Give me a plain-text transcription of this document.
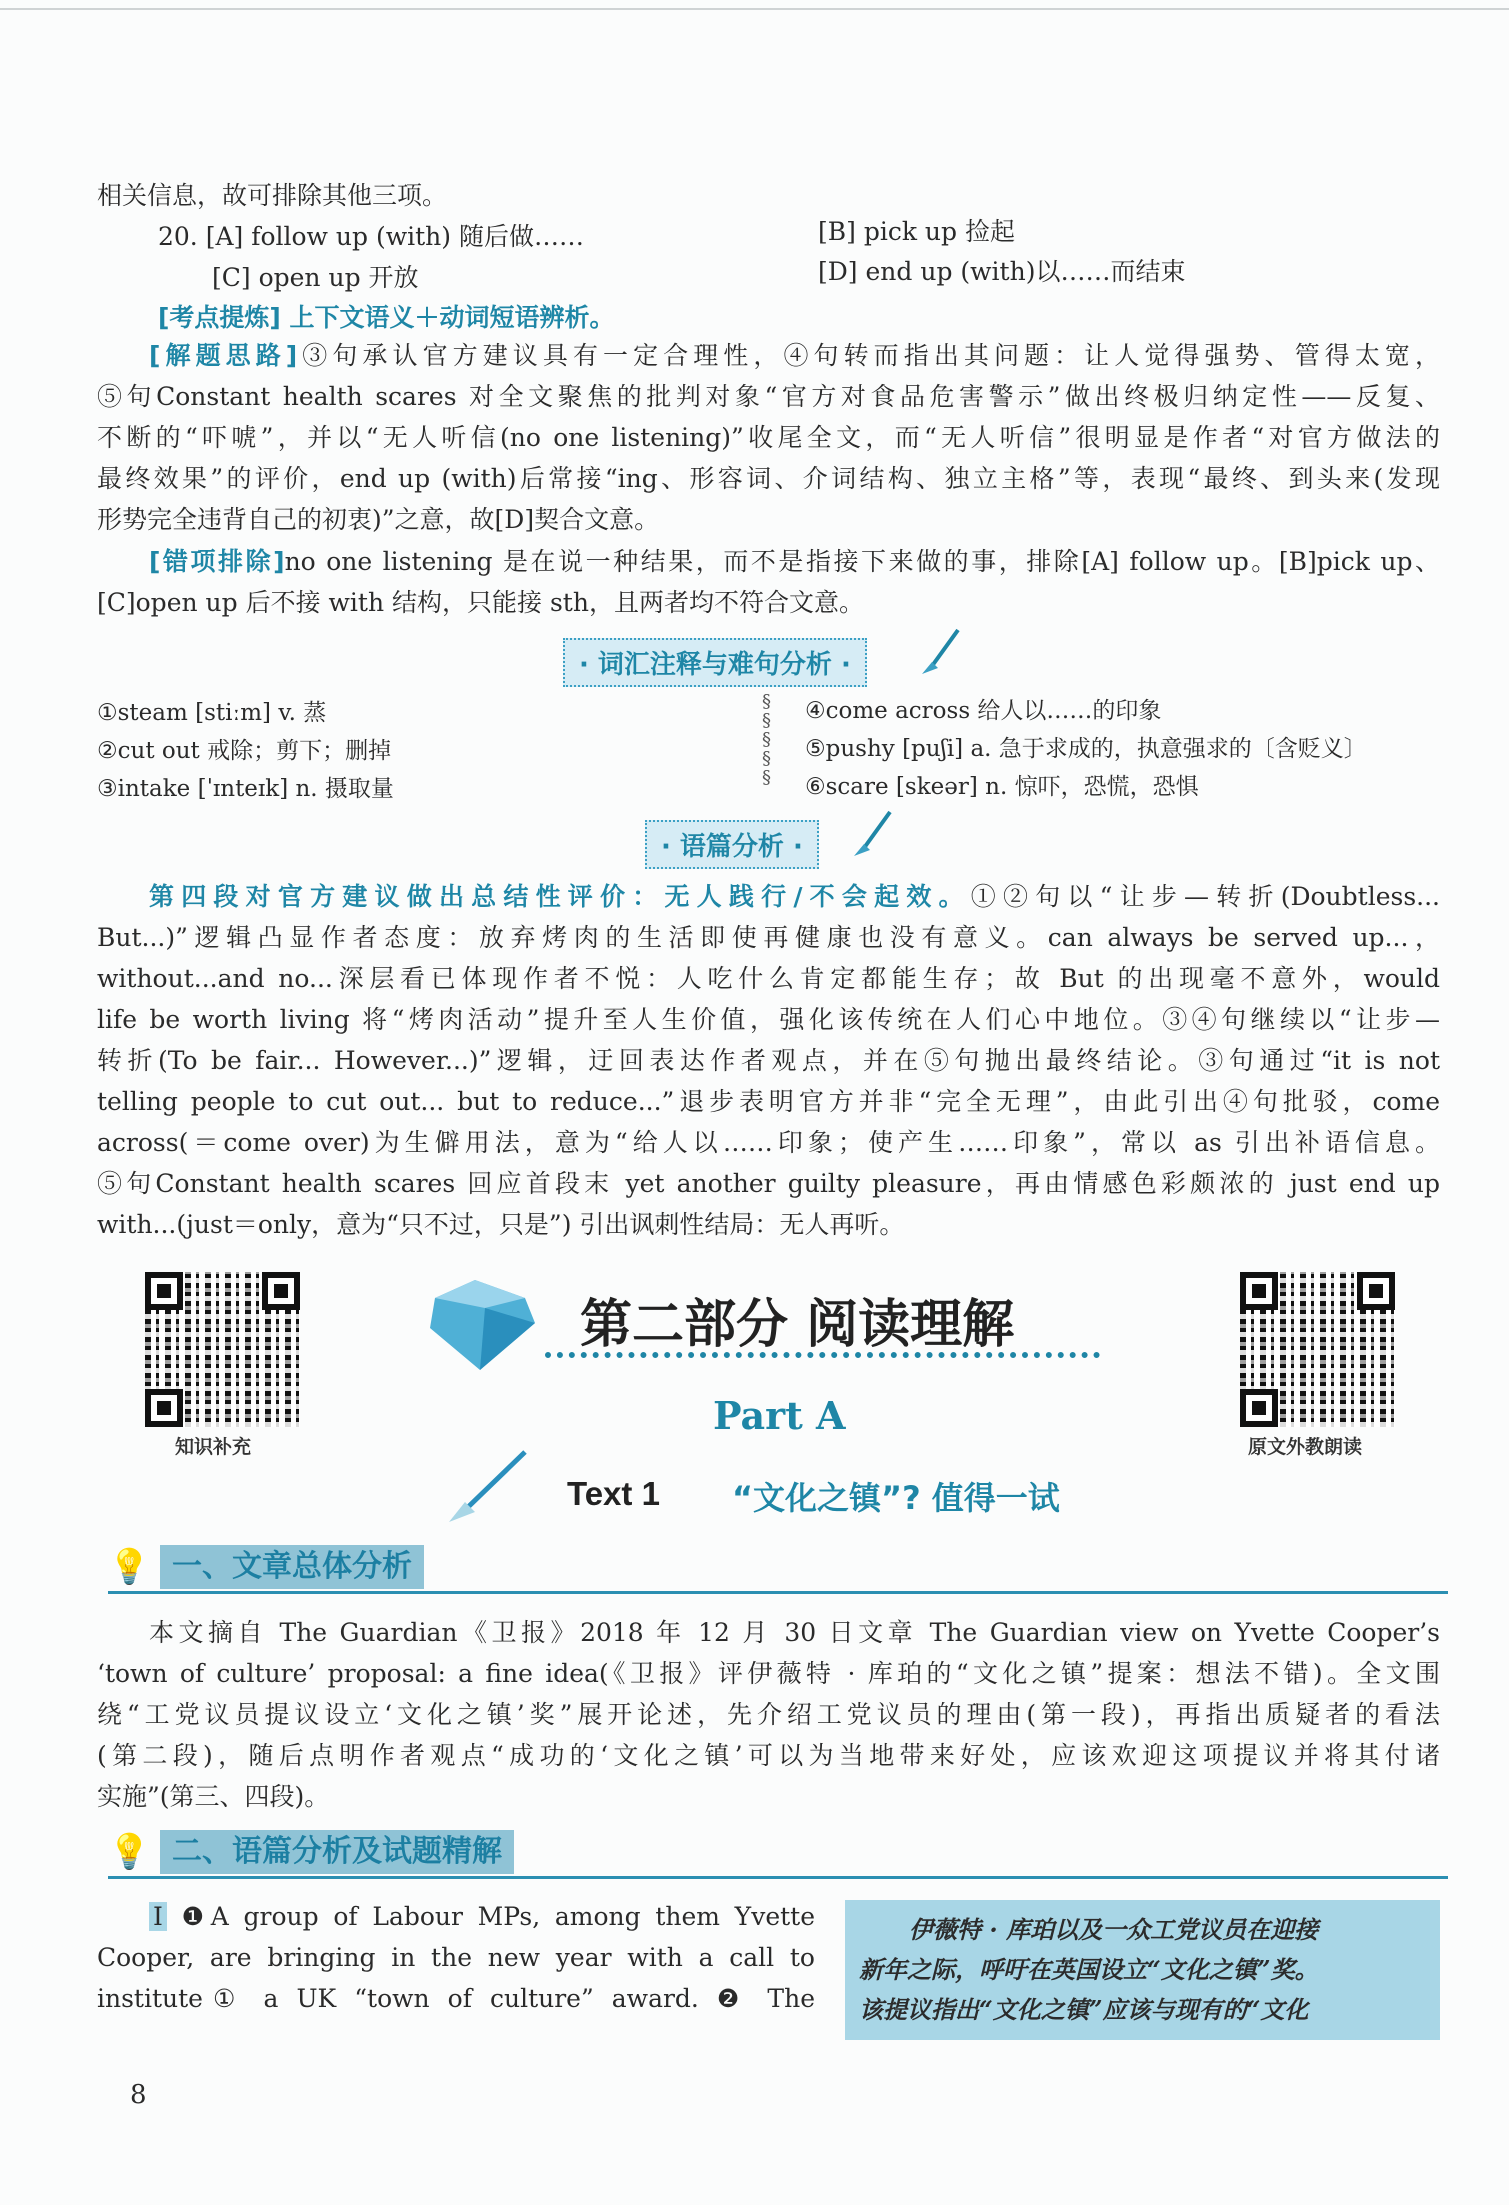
相关信息，故可排除其他三项。
20. [A] follow up (with) 随后做……	[B] pick up 捡起
[C] open up 开放	[D] end up (with)以……而结束
[考点提炼] 上下文语义＋动词短语辨析。
[解题思路]③句承认官方建议具有一定合理性，④句转而指出其问题：让人觉得强势、管得太宽，
⑤句Constant health scares 对全文聚焦的批判对象“官方对食品危害警示”做出终极归纳定性——反复、
不断的“吓唬”，并以“无人听信(no one listening)”收尾全文，而“无人听信”很明显是作者“对官方做法的
最终效果”的评价，end up (with)后常接“ing、形容词、介词结构、独立主格”等，表现“最终、到头来(发现
形势完全违背自己的初衷)”之意，故[D]契合文意。
[错项排除]no one listening 是在说一种结果，而不是指接下来做的事，排除[A] follow up。[B]pick up、
[C]open up 后不接 with 结构，只能接 sth，且两者均不符合文意。
· 词汇注释与难句分析 ·
①steam [stiːm] v. 蒸
②cut out 戒除；剪下；删掉
③intake [ˈɪnteɪk] n. 摄取量
§
§
§
§
§
④come across 给人以……的印象
⑤pushy [puʃi] a. 急于求成的，执意强求的〔含贬义〕
⑥scare [skeər] n. 惊吓，恐慌，恐惧
· 语篇分析 ·
第四段对官方建议做出总结性评价：无人践行/不会起效。①②句以“让步—转折(Doubtless...
But...)”逻辑凸显作者态度：放弃烤肉的生活即使再健康也没有意义。can always be served up...，
without...and no...深层看已体现作者不悦：人吃什么肯定都能生存；故 But 的出现毫不意外，would
life be worth living 将“烤肉活动”提升至人生价值，强化该传统在人们心中地位。③④句继续以“让步—
转折(To be fair... However...)”逻辑，迂回表达作者观点，并在⑤句抛出最终结论。③句通过“it is not
telling people to cut out... but to reduce...”退步表明官方并非“完全无理”，由此引出④句批驳，come
across(＝come over)为生僻用法，意为“给人以……印象；使产生……印象”，常以 as 引出补语信息。
⑤句Constant health scares 回应首段末 yet another guilty pleasure，再由情感色彩颇浓的 just end up
with...(just＝only，意为“只不过，只是”) 引出讽刺性结局：无人再听。
知识补充	原文外教朗读
第二部分 阅读理解
Part A
Text 1 “文化之镇”? 值得一试
💡 一、文章总体分析
本文摘自 The Guardian《卫报》2018 年 12 月 30 日文章 The Guardian view on Yvette Cooper’s
‘town of culture’ proposal: a fine idea(《卫报》评伊薇特 · 库珀的“文化之镇”提案：想法不错)。全文围
绕“工党议员提议设立‘文化之镇’奖”展开论述，先介绍工党议员的理由(第一段)，再指出质疑者的看法
(第二段)，随后点明作者观点“成功的‘文化之镇’可以为当地带来好处，应该欢迎这项提议并将其付诸
实施”(第三、四段)。
💡 二、语篇分析及试题精解
I ❶A group of Labour MPs, among them Yvette
Cooper, are bringing in the new year with a call to
institute① a UK “town of culture” award. ❷ The
伊薇特 · 库珀以及一众工党议员在迎接
新年之际，呼吁在英国设立“文化之镇”奖。
该提议指出“文化之镇”应该与现有的“文化
8
